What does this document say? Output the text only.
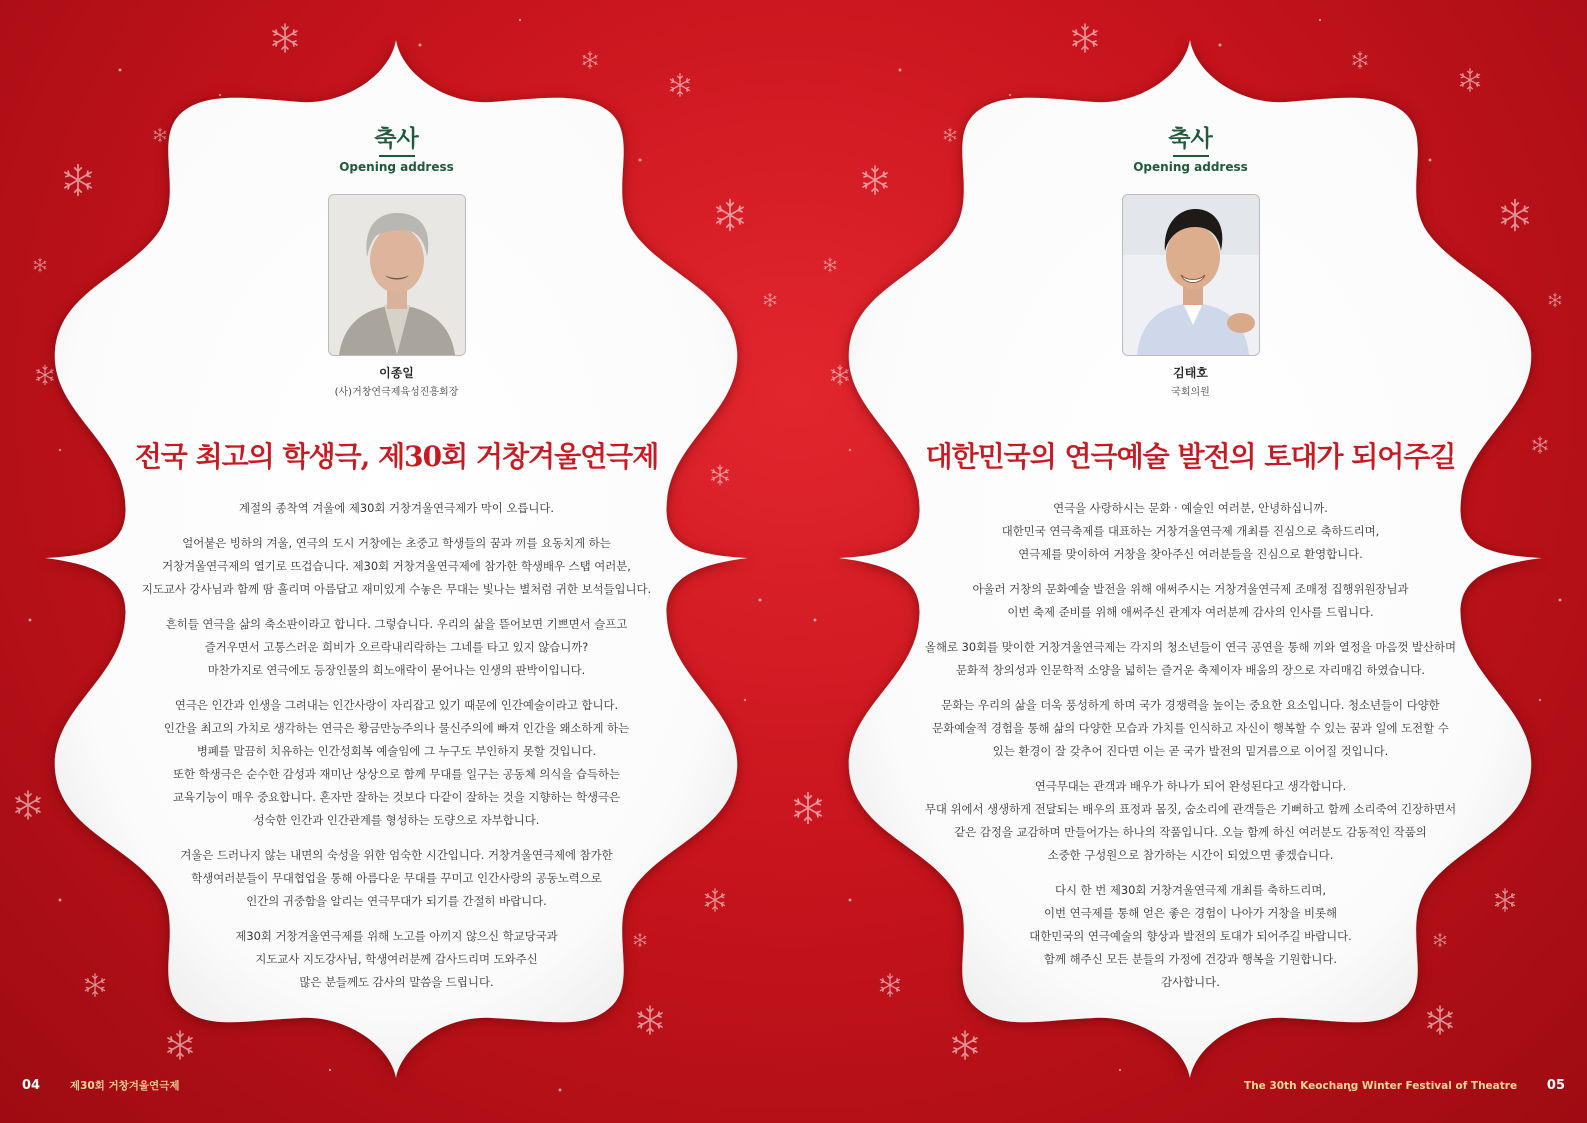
축사
Opening address
이종일
(사)거창연극제육성진흥회장
전국 최고의 학생극, 제30회 거창겨울연극제

계절의 종착역 겨울에 제30회 거창겨울연극제가 막이 오릅니다.

얼어붙은 빙하의 겨울, 연극의 도시 거창에는 초중고 학생들의 꿈과 끼를 요동치게 하는
거창겨울연극제의 열기로 뜨겁습니다. 제30회 거창겨울연극제에 참가한 학생배우 스탭 여러분,
지도교사 강사님과 함께 땀 흘리며 아름답고 재미있게 수놓은 무대는 빛나는 별처럼 귀한 보석들입니다.

흔히들 연극을 삶의 축소판이라고 합니다. 그렇습니다. 우리의 삶을 뜯어보면 기쁘면서 슬프고
즐거우면서 고통스러운 희비가 오르락내리락하는 그네를 타고 있지 않습니까?
마찬가지로 연극에도 등장인물의 희노애락이 묻어나는 인생의 판박이입니다.

연극은 인간과 인생을 그려내는 인간사랑이 자리잡고 있기 때문에 인간예술이라고 합니다.
인간을 최고의 가치로 생각하는 연극은 황금만능주의나 물신주의에 빠져 인간을 왜소하게 하는
병폐를 말끔히 치유하는 인간성회복 예술임에 그 누구도 부인하지 못할 것입니다.
또한 학생극은 순수한 감성과 재미난 상상으로 함께 무대를 일구는 공동체 의식을 습득하는
교육기능이 매우 중요합니다. 혼자만 잘하는 것보다 다같이 잘하는 것을 지향하는 학생극은
성숙한 인간과 인간관계를 형성하는 도량으로 자부합니다.

겨울은 드러나지 않는 내면의 숙성을 위한 엄숙한 시간입니다. 거창겨울연극제에 참가한
학생여러분들이 무대협업을 통해 아름다운 무대를 꾸미고 인간사랑의 공동노력으로
인간의 귀중함을 알리는 연극무대가 되기를 간절히 바랍니다.

제30회 거창겨울연극제를 위해 노고를 아끼지 않으신 학교당국과
지도교사 지도강사님, 학생여러분께 감사드리며 도와주신
많은 분들께도 감사의 말씀을 드립니다.

04	제30회 거창겨울연극제
축사
Opening address
김태호
국회의원
대한민국의 연극예술 발전의 토대가 되어주길

연극을 사랑하시는 문화 · 예술인 여러분, 안녕하십니까.
대한민국 연극축제를 대표하는 거창겨울연극제 개최를 진심으로 축하드리며,
연극제를 맞이하여 거창을 찾아주신 여러분들을 진심으로 환영합니다.

아울러 거창의 문화예술 발전을 위해 애써주시는 거창겨울연극제 조매정 집행위원장님과
이번 축제 준비를 위해 애써주신 관계자 여러분께 감사의 인사를 드립니다.

올해로 30회를 맞이한 거창겨울연극제는 각지의 청소년들이 연극 공연을 통해 끼와 열정을 마음껏 발산하며
문화적 창의성과 인문학적 소양을 넓히는 즐거운 축제이자 배움의 장으로 자리매김 하였습니다.

문화는 우리의 삶을 더욱 풍성하게 하며 국가 경쟁력을 높이는 중요한 요소입니다. 청소년들이 다양한
문화예술적 경험을 통해 삶의 다양한 모습과 가치를 인식하고 자신이 행복할 수 있는 꿈과 일에 도전할 수
있는 환경이 잘 갖추어 진다면 이는 곧 국가 발전의 밑거름으로 이어질 것입니다.

연극무대는 관객과 배우가 하나가 되어 완성된다고 생각합니다.
무대 위에서 생생하게 전달되는 배우의 표정과 몸짓, 숨소리에 관객들은 기뻐하고 함께 소리죽여 긴장하면서
같은 감정을 교감하며 만들어가는 하나의 작품입니다. 오늘 함께 하신 여러분도 감동적인 작품의
소중한 구성원으로 참가하는 시간이 되었으면 좋겠습니다.

다시 한 번 제30회 거창겨울연극제 개최를 축하드리며,
이번 연극제를 통해 얻은 좋은 경험이 나아가 거창을 비롯해
대한민국의 연극예술의 향상과 발전의 토대가 되어주길 바랍니다.
함께 해주신 모든 분들의 가정에 건강과 행복을 기원합니다.
감사합니다.

The 30th Keochang Winter Festival of Theatre 05
